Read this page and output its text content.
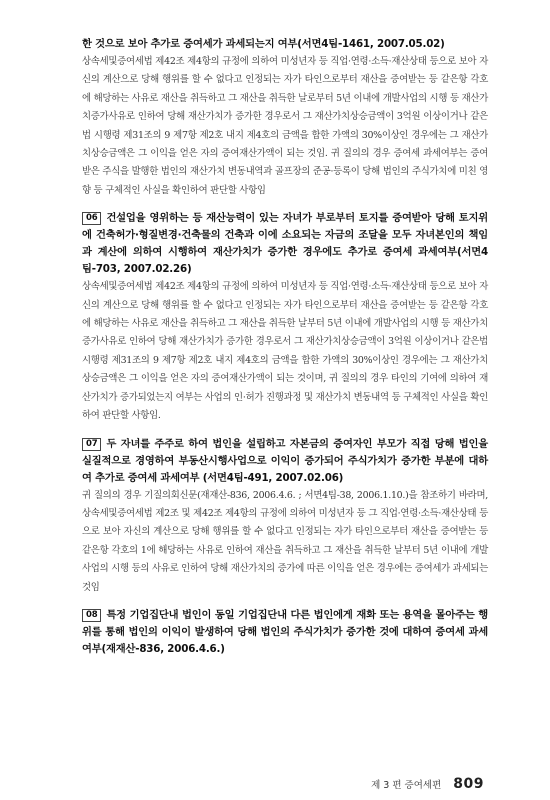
한 것으로 보아 추가로 증여세가 과세되는지 여부(서면4팀-1461, 2007.05.02)

상속세및증여세법 제42조 제4항의 규정에 의하여 미성년자 등 직업·연령·소득·재산상태 등으로 보아 자신의 계산으로 당해 행위를 할 수 없다고 인정되는 자가 타인으로부터 재산을 증여받는 등 같은항 각호에 해당하는 사유로 재산을 취득하고 그 재산을 취득한 날로부터 5년 이내에 개발사업의 시행 등 재산가치증가사유로 인하여 당해 재산가치가 증가한 경우로서 그 재산가치상승금액이 3억원 이상이거나 같은법 시행령 제31조의 9 제7항 제2호 내지 제4호의 금액을 합한 가액의 30%이상인 경우에는 그 재산가치상승금액은 그 이익을 얻은 자의 증여재산가액이 되는 것임. 귀 질의의 경우 증여세 과세여부는 증여받은 주식을 발행한 법인의 재산가치 변동내역과 골프장의 준공·등록이 당해 법인의 주식가치에 미친 영향 등 구체적인 사실을 확인하여 판단할 사항임

06 건설업을 영위하는 등 재산능력이 있는 자녀가 부로부터 토지를 증여받아 당해 토지위에 건축허가·형질변경·건축물의 건축과 이에 소요되는 자금의 조달을 모두 자녀본인의 책임과 계산에 의하여 시행하여 재산가치가 증가한 경우에도 추가로 증여세 과세여부(서면4팀-703, 2007.02.26)

상속세및증여세법 제42조 제4항의 규정에 의하여 미성년자 등 직업·연령·소득·재산상태 등으로 보아 자신의 계산으로 당해 행위를 할 수 없다고 인정되는 자가 타인으로부터 재산을 증여받는 등 같은항 각호에 해당하는 사유로 재산을 취득하고 그 재산을 취득한 날부터 5년 이내에 개발사업의 시행 등 재산가치증가사유로 인하여 당해 재산가치가 증가한 경우로서 그 재산가치상승금액이 3억원 이상이거나 같은법 시행령 제31조의 9 제7항 제2호 내지 제4호의 금액을 합한 가액의 30%이상인 경우에는 그 재산가치상승금액은 그 이익을 얻은 자의 증여재산가액이 되는 것이며, 귀 질의의 경우 타인의 기여에 의하여 재산가치가 증가되었는지 여부는 사업의 인·허가 진행과정 및 재산가치 변동내역 등 구체적인 사실을 확인하여 판단할 사항임.

07 두 자녀를 주주로 하여 법인을 설립하고 자본금의 증여자인 부모가 직접 당해 법인을 실질적으로 경영하여 부동산시행사업으로 이익이 증가되어 주식가치가 증가한 부분에 대하여 추가로 증여세 과세여부 (서면4팀-491, 2007.02.06)

귀 질의의 경우 기질의회신문(재재산-836, 2006.4.6. ; 서면4팀-38, 2006.1.10.)을 참조하기 바라며, 상속세및증여세법 제2조 및 제42조 제4항의 규정에 의하여 미성년자 등 그 직업·연령·소득·재산상태 등으로 보아 자신의 계산으로 당해 행위를 할 수 없다고 인정되는 자가 타인으로부터 재산을 증여받는 등 같은항 각호의 1에 해당하는 사유로 인하여 재산을 취득하고 그 재산을 취득한 날부터 5년 이내에 개발사업의 시행 등의 사유로 인하여 당해 재산가치의 증가에 따른 이익을 얻은 경우에는 증여세가 과세되는 것임

08 특정 기업집단내 법인이 동일 기업집단내 다른 법인에게 재화 또는 용역을 몰아주는 행위를 통해 법인의 이익이 발생하여 당해 법인의 주식가치가 증가한 것에 대하여 증여세 과세여부(재재산-836, 2006.4.6.)

제 3 편 증여세편 809
